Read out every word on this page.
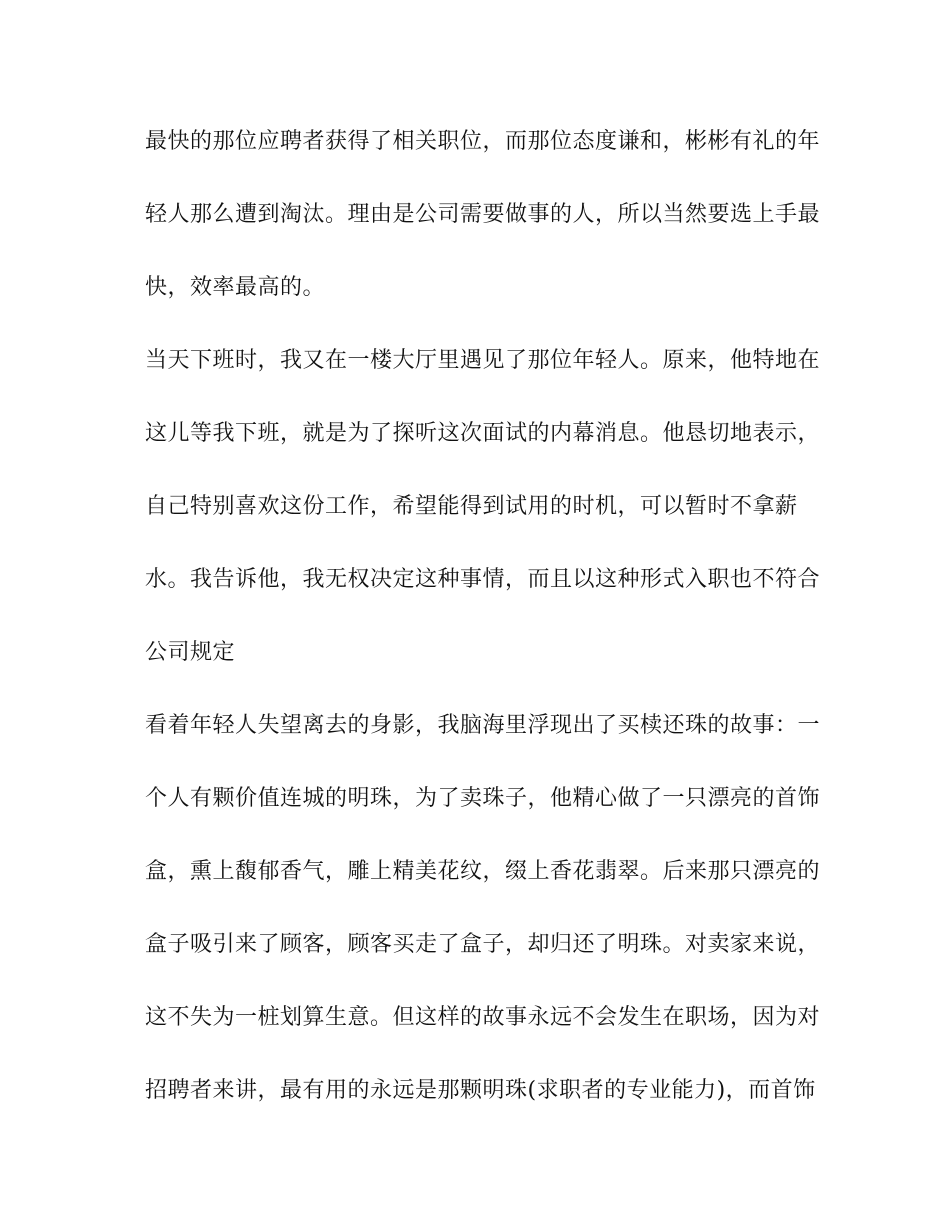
最快的那位应聘者获得了相关职位，而那位态度谦和，彬彬有礼的年
轻人那么遭到淘汰。理由是公司需要做事的人，所以当然要选上手最
快，效率最高的。
当天下班时，我又在一楼大厅里遇见了那位年轻人。原来，他特地在
这儿等我下班，就是为了探听这次面试的内幕消息。他恳切地表示，
自己特别喜欢这份工作，希望能得到试用的时机，可以暂时不拿薪
水。我告诉他，我无权决定这种事情，而且以这种形式入职也不符合
公司规定
看着年轻人失望离去的身影，我脑海里浮现出了买椟还珠的故事：一
个人有颗价值连城的明珠，为了卖珠子，他精心做了一只漂亮的首饰
盒，熏上馥郁香气，雕上精美花纹，缀上香花翡翠。后来那只漂亮的
盒子吸引来了顾客，顾客买走了盒子，却归还了明珠。对卖家来说，
这不失为一桩划算生意。但这样的故事永远不会发生在职场，因为对
招聘者来讲，最有用的永远是那颗明珠(求职者的专业能力)，而首饰
